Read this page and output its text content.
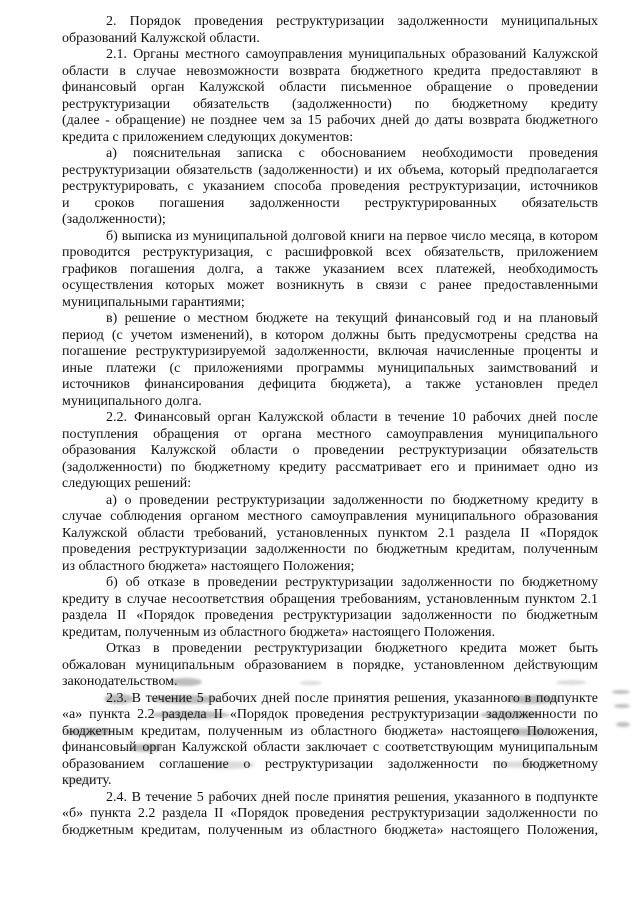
2. Порядок проведения реструктуризации задолженности муниципальных
образований Калужской области.
2.1. Органы местного самоуправления муниципальных образований Калужской
области в случае невозможности возврата бюджетного кредита предоставляют в
финансовый орган Калужской области письменное обращение о проведении
реструктуризации обязательств (задолженности) по бюджетному кредиту
(далее - обращение) не позднее чем за 15 рабочих дней до даты возврата бюджетного
кредита с приложением следующих документов:
а) пояснительная записка с обоснованием необходимости проведения
реструктуризации обязательств (задолженности) и их объема, который предполагается
реструктурировать, с указанием способа проведения реструктуризации, источников
и сроков погашения задолженности реструктурированных обязательств
(задолженности);
б) выписка из муниципальной долговой книги на первое число месяца, в котором
проводится реструктуризация, с расшифровкой всех обязательств, приложением
графиков погашения долга, а также указанием всех платежей, необходимость
осуществления которых может возникнуть в связи с ранее предоставленными
муниципальными гарантиями;
в) решение о местном бюджете на текущий финансовый год и на плановый
период (с учетом изменений), в котором должны быть предусмотрены средства на
погашение реструктуризируемой задолженности, включая начисленные проценты и
иные платежи (с приложениями программы муниципальных заимствований и
источников финансирования дефицита бюджета), а также установлен предел
муниципального долга.
2.2. Финансовый орган Калужской области в течение 10 рабочих дней после
поступления обращения от органа местного самоуправления муниципального
образования Калужской области о проведении реструктуризации обязательств
(задолженности) по бюджетному кредиту рассматривает его и принимает одно из
следующих решений:
а) о проведении реструктуризации задолженности по бюджетному кредиту в
случае соблюдения органом местного самоуправления муниципального образования
Калужской области требований, установленных пунктом 2.1 раздела II «Порядок
проведения реструктуризации задолженности по бюджетным кредитам, полученным
из областного бюджета» настоящего Положения;
б) об отказе в проведении реструктуризации задолженности по бюджетному
кредиту в случае несоответствия обращения требованиям, установленным пунктом 2.1
раздела II «Порядок проведения реструктуризации задолженности по бюджетным
кредитам, полученным из областного бюджета» настоящего Положения.
Отказ в проведении реструктуризации бюджетного кредита может быть
обжалован муниципальным образованием в порядке, установленном действующим
законодательством.
2.3. В течение 5 рабочих дней после принятия решения, указанного в подпункте
«а» пункта 2.2 раздела II «Порядок проведения реструктуризации задолженности по
бюджетным кредитам, полученным из областного бюджета» настоящего Положения,
финансовый орган Калужской области заключает с соответствующим муниципальным
образованием соглашение о реструктуризации задолженности по бюджетному
кредиту.
2.4. В течение 5 рабочих дней после принятия решения, указанного в подпункте
«б» пункта 2.2 раздела II «Порядок проведения реструктуризации задолженности по
бюджетным кредитам, полученным из областного бюджета» настоящего Положения,
